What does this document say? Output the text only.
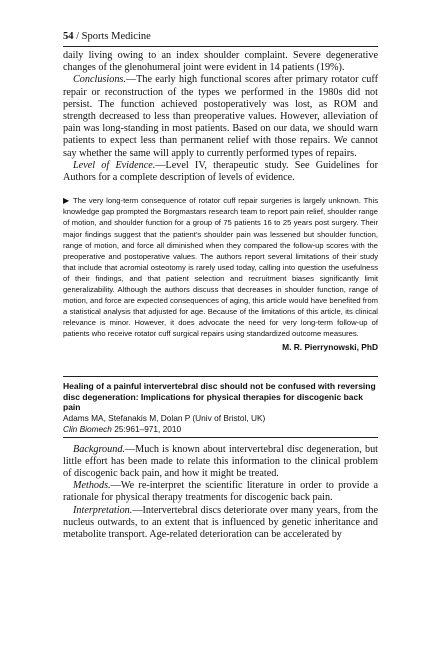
54 / Sports Medicine

daily living owing to an index shoulder complaint. Severe degenerative changes of the glenohumeral joint were evident in 14 patients (19%).

Conclusions.—The early high functional scores after primary rotator cuff repair or reconstruction of the types we performed in the 1980s did not persist. The function achieved postoperatively was lost, as ROM and strength decreased to less than preoperative values. However, alleviation of pain was long-standing in most patients. Based on our data, we should warn patients to expect less than permanent relief with those repairs. We cannot say whether the same will apply to currently performed types of repairs.

Level of Evidence.—Level IV, therapeutic study. See Guidelines for Authors for a complete description of levels of evidence.

▶ The very long-term consequence of rotator cuff repair surgeries is largely unknown. This knowledge gap prompted the Borgmastars research team to report pain relief, shoulder range of motion, and shoulder function for a group of 75 patients 16 to 25 years post surgery. Their major findings suggest that the patient’s shoulder pain was lessened but shoulder function, range of motion, and force all diminished when they compared the follow-up scores with the preoperative and postoperative values. The authors report several limitations of their study that include that acromial osteotomy is rarely used today, calling into question the usefulness of their findings, and that patient selection and recruitment biases significantly limit generalizability. Although the authors discuss that decreases in shoulder function, range of motion, and force are expected consequences of aging, this article would have benefited from a statistical analysis that adjusted for age. Because of the limitations of this article, its clinical relevance is minor. However, it does advocate the need for very long-term follow-up of patients who receive rotator cuff surgical repairs using standardized outcome measures.
M. R. Pierrynowski, PhD
Healing of a painful intervertebral disc should not be confused with reversing disc degeneration: Implications for physical therapies for discogenic back pain
Adams MA, Stefanakis M, Dolan P (Univ of Bristol, UK)
Clin Biomech 25:961–971, 2010

Background.—Much is known about intervertebral disc degeneration, but little effort has been made to relate this information to the clinical problem of discogenic back pain, and how it might be treated.

Methods.—We re-interpret the scientific literature in order to provide a rationale for physical therapy treatments for discogenic back pain.

Interpretation.—Intervertebral discs deteriorate over many years, from the nucleus outwards, to an extent that is influenced by genetic inheritance and metabolite transport. Age-related deterioration can be accelerated by
